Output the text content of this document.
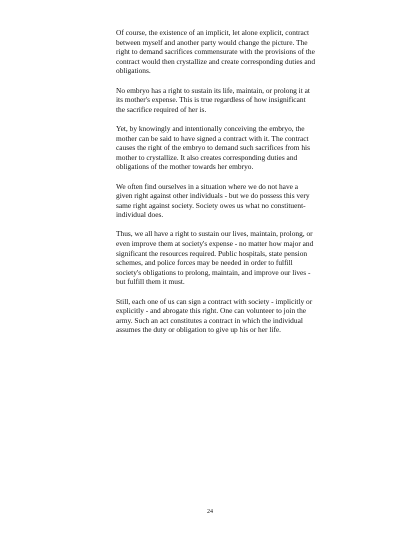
Of course, the existence of an implicit, let alone explicit, contract between myself and another party would change the picture. The right to demand sacrifices commensurate with the provisions of the contract would then crystallize and create corresponding duties and obligations.

No embryo has a right to sustain its life, maintain, or prolong it at its mother's expense. This is true regardless of how insignificant the sacrifice required of her is.

Yet, by knowingly and intentionally conceiving the embryo, the mother can be said to have signed a contract with it. The contract causes the right of the embryo to demand such sacrifices from his mother to crystallize. It also creates corresponding duties and obligations of the mother towards her embryo.

We often find ourselves in a situation where we do not have a given right against other individuals - but we do possess this very same right against society. Society owes us what no constituent-individual does.

Thus, we all have a right to sustain our lives, maintain, prolong, or even improve them at society's expense - no matter how major and significant the resources required. Public hospitals, state pension schemes, and police forces may be needed in order to fulfill society's obligations to prolong, maintain, and improve our lives - but fulfill them it must.

Still, each one of us can sign a contract with society - implicitly or explicitly - and abrogate this right. One can volunteer to join the army. Such an act constitutes a contract in which the individual assumes the duty or obligation to give up his or her life.

24
